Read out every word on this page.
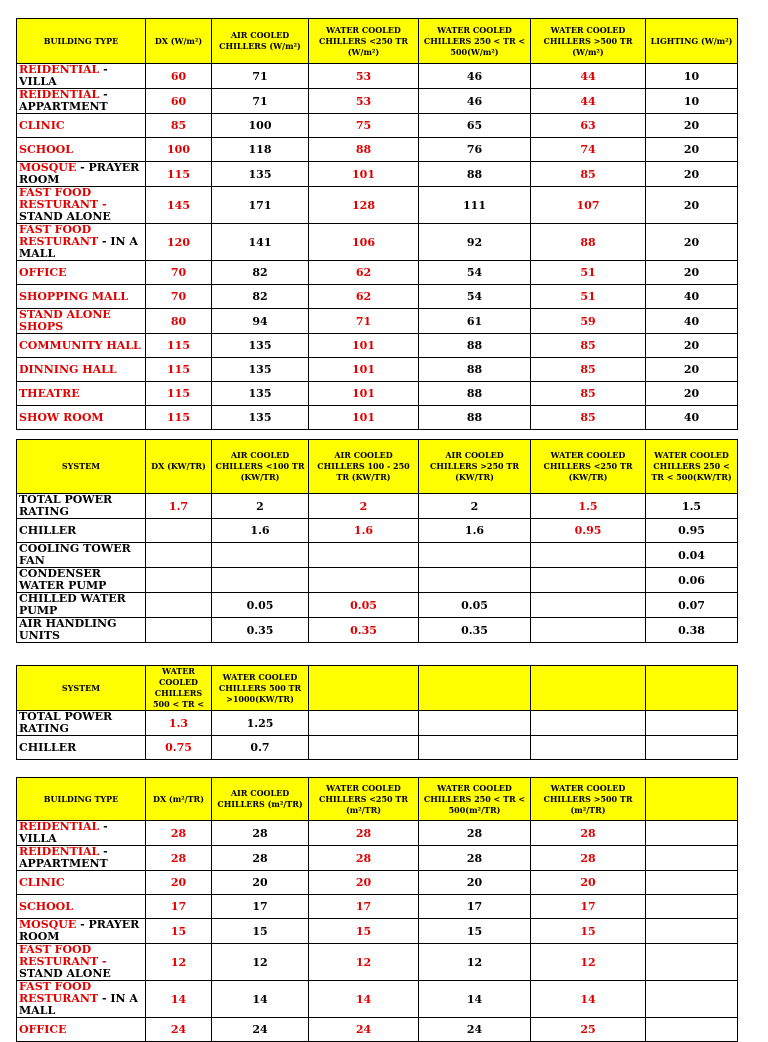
BUILDING TYPE	DX (W/m²)	AIR COOLED CHILLERS (W/m²)	WATER COOLED CHILLERS <250 TR (W/m²)	WATER COOLED CHILLERS 250 < TR < 500(W/m²)	WATER COOLED CHILLERS >500 TR (W/m²)	LIGHTING (W/m²)
REIDENTIAL - VILLA	60	71	53	46	44	10
REIDENTIAL - APPARTMENT	60	71	53	46	44	10
CLINIC	85	100	75	65	63	20
SCHOOL	100	118	88	76	74	20
MOSQUE - PRAYER ROOM	115	135	101	88	85	20
FAST FOOD RESTURANT - STAND ALONE	145	171	128	111	107	20
FAST FOOD RESTURANT - IN A MALL	120	141	106	92	88	20
OFFICE	70	82	62	54	51	20
SHOPPING MALL	70	82	62	54	51	40
STAND ALONE SHOPS	80	94	71	61	59	40
COMMUNITY HALL	115	135	101	88	85	20
DINNING HALL	115	135	101	88	85	20
THEATRE	115	135	101	88	85	20
SHOW ROOM	115	135	101	88	85	40
SYSTEM	DX (KW/TR)	AIR COOLED CHILLERS <100 TR (KW/TR)	AIR COOLED CHILLERS 100 - 250 TR (KW/TR)	AIR COOLED CHILLERS >250 TR (KW/TR)	WATER COOLED CHILLERS <250 TR (KW/TR)	WATER COOLED CHILLERS 250 < TR < 500(KW/TR)
TOTAL POWER RATING	1.7	2	2	2	1.5	1.5
CHILLER		1.6	1.6	1.6	0.95	0.95
COOLING TOWER FAN						0.04
CONDENSER WATER PUMP						0.06
CHILLED WATER PUMP		0.05	0.05	0.05		0.07
AIR HANDLING UNITS		0.35	0.35	0.35		0.38
SYSTEM	WATER COOLED CHILLERS 500 < TR <	WATER COOLED CHILLERS 500 TR >1000(KW/TR)				
TOTAL POWER RATING	1.3	1.25				
CHILLER	0.75	0.7				
BUILDING TYPE	DX (m²/TR)	AIR COOLED CHILLERS (m²/TR)	WATER COOLED CHILLERS <250 TR (m²/TR)	WATER COOLED CHILLERS 250 < TR < 500(m²/TR)	WATER COOLED CHILLERS >500 TR (m²/TR)	
REIDENTIAL - VILLA	28	28	28	28	28	
REIDENTIAL - APPARTMENT	28	28	28	28	28	
CLINIC	20	20	20	20	20	
SCHOOL	17	17	17	17	17	
MOSQUE - PRAYER ROOM	15	15	15	15	15	
FAST FOOD RESTURANT - STAND ALONE	12	12	12	12	12	
FAST FOOD RESTURANT - IN A MALL	14	14	14	14	14	
OFFICE	24	24	24	24	25	
